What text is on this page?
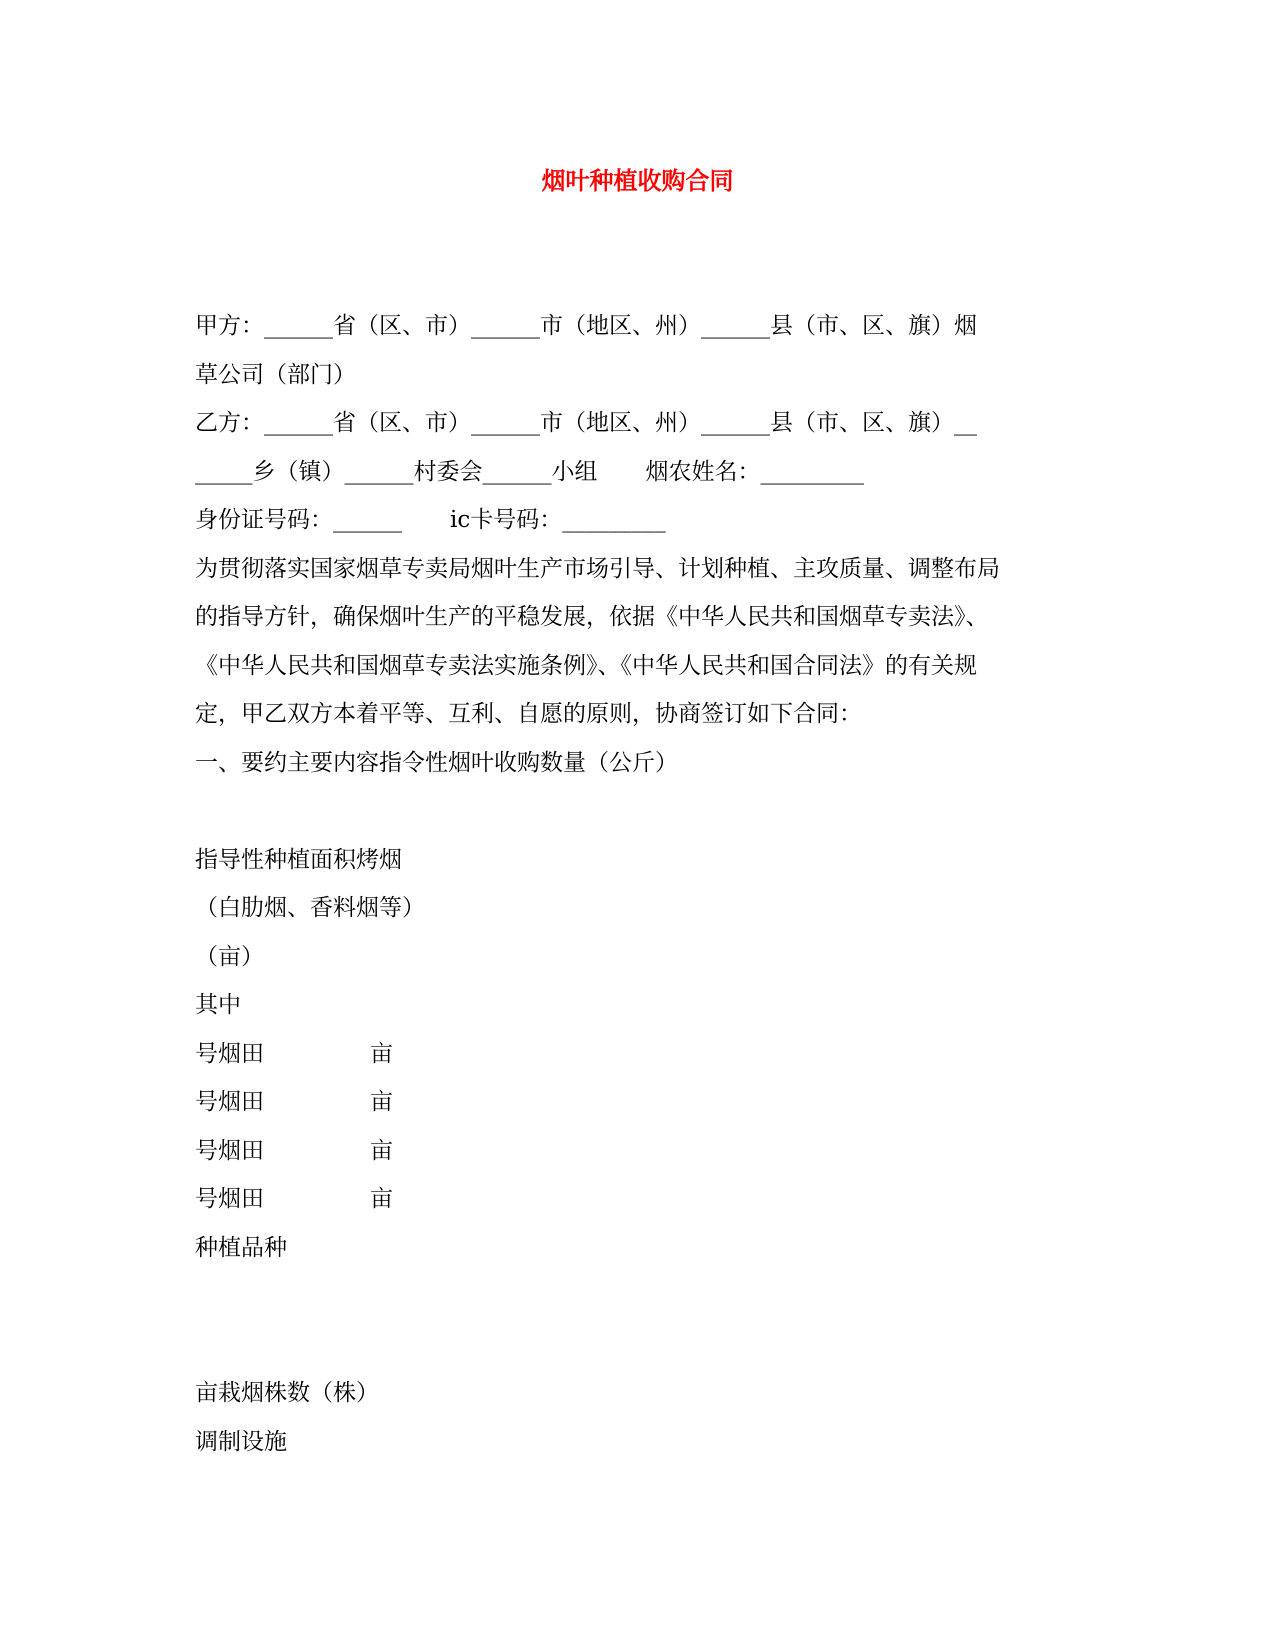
烟叶种植收购合同
甲方：______省（区、市）______市（地区、州）______县（市、区、旗）烟
草公司（部门）
乙方：______省（区、市）______市（地区、州）______县（市、区、旗）__
_____乡（镇）______村委会______小组 烟农姓名：_________
身份证号码：______ ic卡号码：_________
为贯彻落实国家烟草专卖局烟叶生产市场引导、计划种植、主攻质量、调整布局
的指导方针，确保烟叶生产的平稳发展，依据《中华人民共和国烟草专卖法》、
《中华人民共和国烟草专卖法实施条例》、《中华人民共和国合同法》的有关规
定，甲乙双方本着平等、互利、自愿的原则，协商签订如下合同：
一、要约主要内容指令性烟叶收购数量（公斤）
指导性种植面积烤烟
（白肋烟、香料烟等）
（亩）
其中
号烟田	亩
号烟田	亩
号烟田	亩
号烟田	亩
种植品种
亩栽烟株数（株）
调制设施
